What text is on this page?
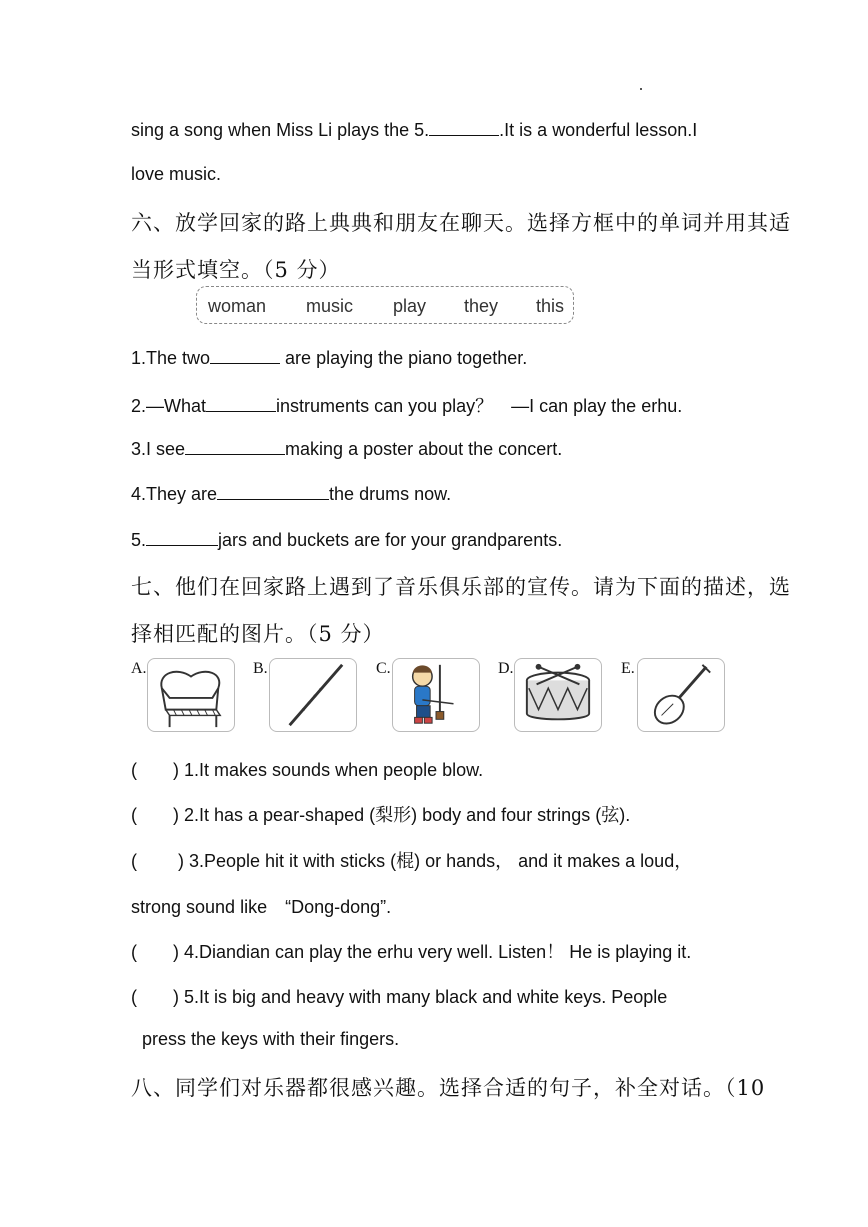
sing a song when Miss Li plays the 5.	.It is a wonderful lesson.I
love music.
六、放学回家的路上典典和朋友在聊天。选择方框中的单词并用其适
当形式填空。（5 分）
woman music play they this
1.The two	are playing the piano together.
2.—What	instruments can you play？　—I can play the erhu.
3.I see	making a poster about the concert.
4.They are	the drums now.
5.	jars and buckets are for your grandparents.
七、他们在回家路上遇到了音乐俱乐部的宣传。请为下面的描述，选
择相匹配的图片。（5 分）
A.	B.	C.	D.	E.
(　　) 1.It makes sounds when people blow.
(　　) 2.It has a pear-shaped (梨形) body and four strings (弦).
(　　 ) 3.People hit it with sticks (棍) or hands， and it makes a loud，
strong sound like　“Dong-dong”.
(　　) 4.Diandian can play the erhu very well. Listen！ He is playing it.
(　　) 5.It is big and heavy with many black and white keys. People
press the keys with their fingers.
八、同学们对乐器都很感兴趣。选择合适的句子，补全对话。（10
